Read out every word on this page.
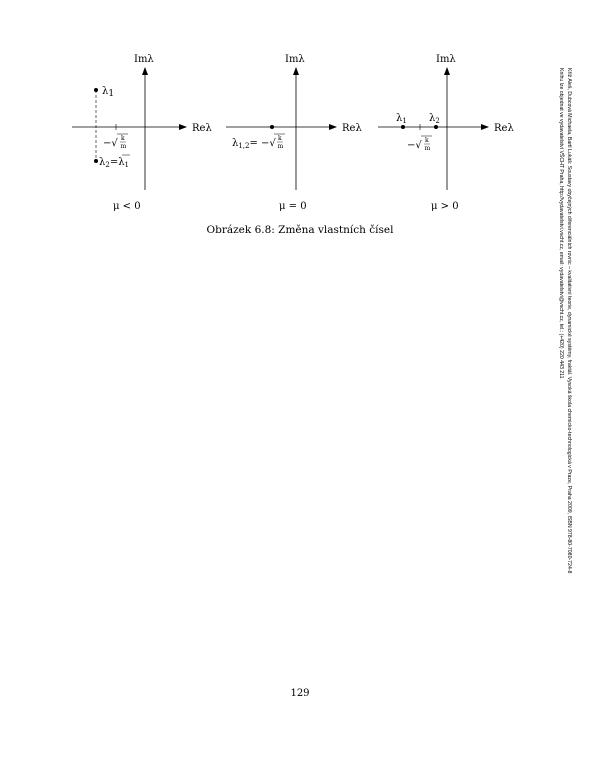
Imλ
Reλ
λ1
−√ k
m
$\lambda_2=\lambda_1$
μ < 0
Imλ
Reλ
$\lambda_{1,2}=$ −√ k
m
μ = 0
Imλ
Reλ
$\lambda_1$ $\lambda_2$
−√ k
m
μ > 0
Obrázek 6.8: Změna vlastních čísel
129
Kříž Aleš, Dubcová Michaela, Bartl Lukáš: Soustavy obyčejných diferenciálních rovnic – kvalitativní teorie, dynamické systémy, fraktál. Vysoká škola chemicko-technologická v Praze, Praha 2009, ISBN 978-80-7080-724-8
Knihu lze objednat ve vydavatelství VŠCHT Praha, http://vydavatelstvi.vscht.cz, email: vydavatelstvi@vscht.cz, tel.: (+420) 220 443 211
